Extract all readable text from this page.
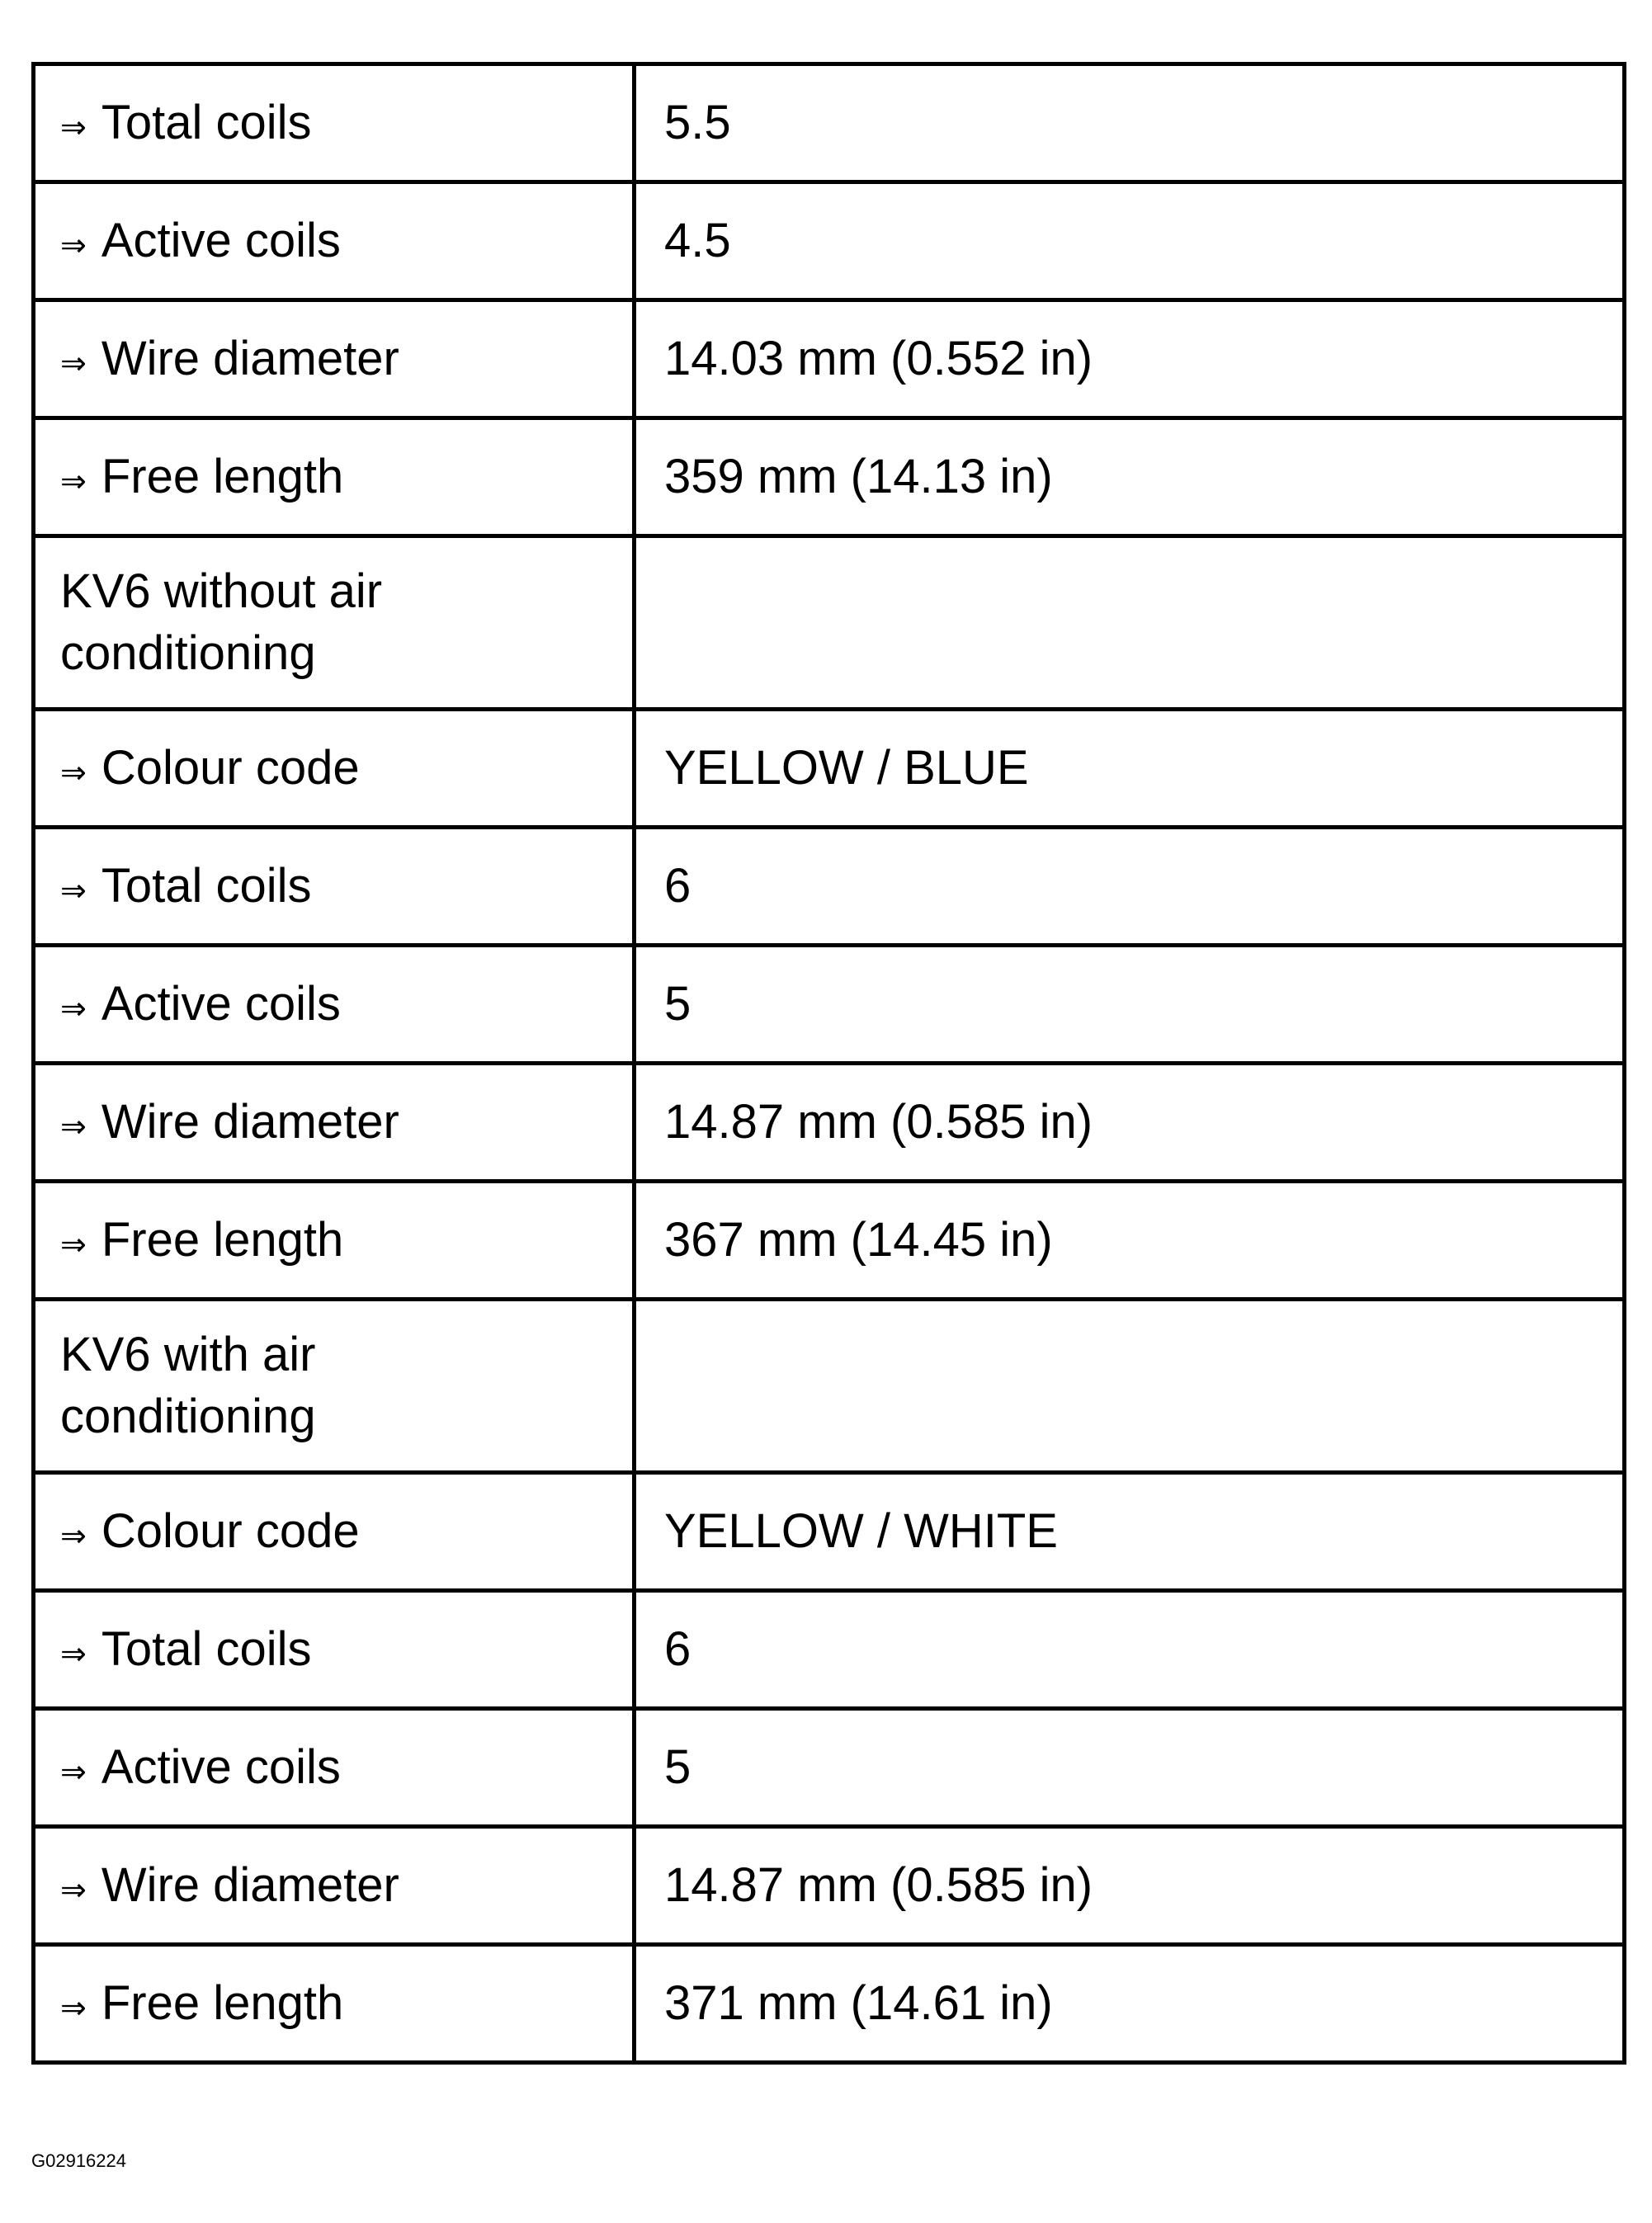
⇒ Total coils	5.5
⇒ Active coils	4.5
⇒ Wire diameter	14.03 mm (0.552 in)
⇒ Free length	359 mm (14.13 in)

KV6 without air
conditioning	

⇒ Colour code	YELLOW / BLUE
⇒ Total coils	6
⇒ Active coils	5
⇒ Wire diameter	14.87 mm (0.585 in)
⇒ Free length	367 mm (14.45 in)

KV6 with air
conditioning	

⇒ Colour code	YELLOW / WHITE
⇒ Total coils	6
⇒ Active coils	5
⇒ Wire diameter	14.87 mm (0.585 in)
⇒ Free length	371 mm (14.61 in)
G02916224
